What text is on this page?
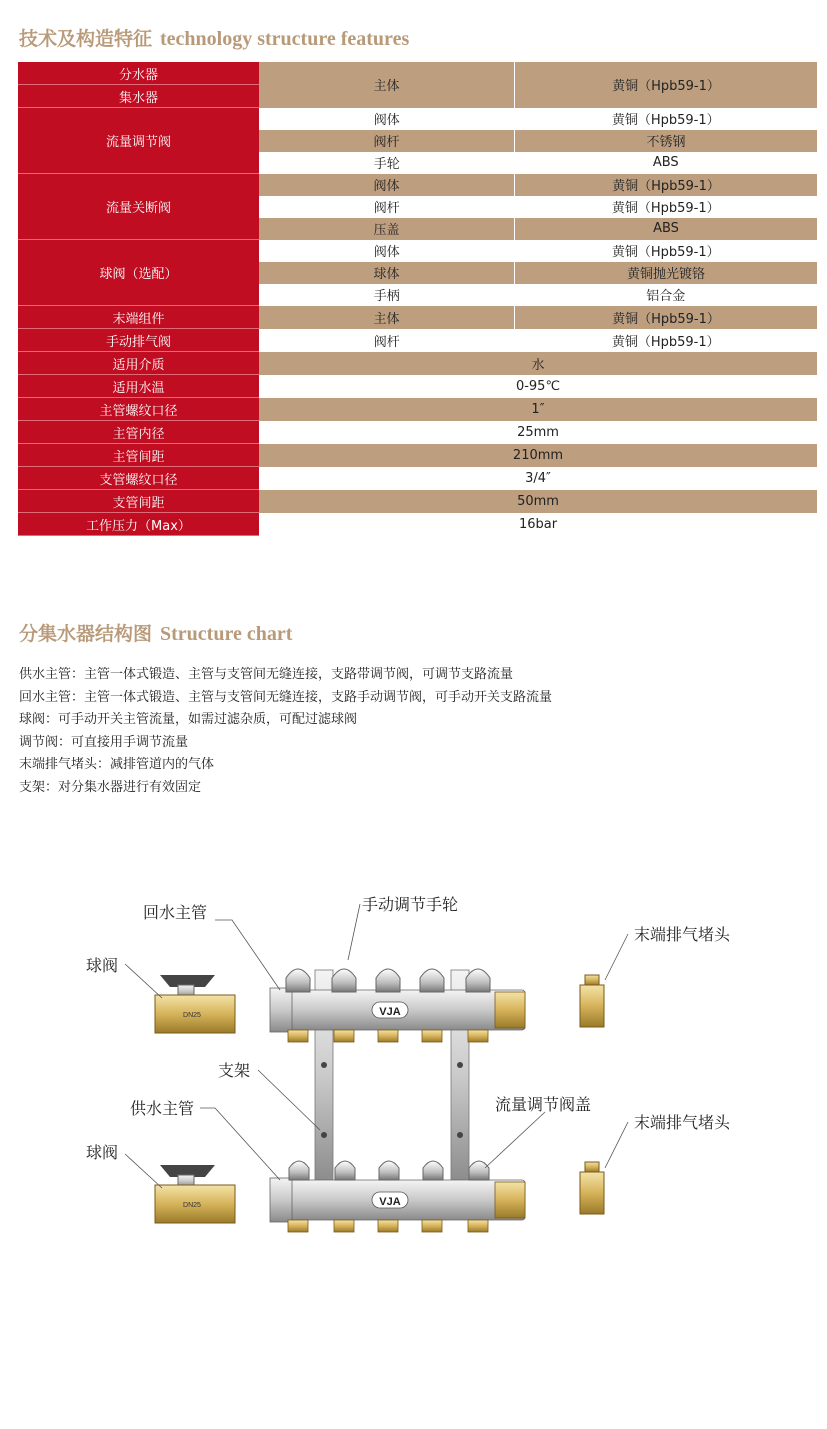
技术及构造特征 technology structure features
分水器	主体	黄铜（Hpb59-1）
集水器		
流量调节阀	阀体	黄铜（Hpb59-1）
	阀杆	不锈钢
	手轮	ABS
流量关断阀	阀体	黄铜（Hpb59-1）
	阀杆	黄铜（Hpb59-1）
	压盖	ABS
球阀（选配）	阀体	黄铜（Hpb59-1）
	球体	黄铜抛光镀铬
	手柄	铝合金
末端组件	主体	黄铜（Hpb59-1）
手动排气阀	阀杆	黄铜（Hpb59-1）
适用介质	水	
适用水温	0-95℃	
主管螺纹口径	1″	
主管内径	25mm	
主管间距	210mm	
支管螺纹口径	3/4″	
支管间距	50mm	
工作压力（Max）	16bar	
分集水器结构图 Structure chart
供水主管：主管一体式锻造、主管与支管间无缝连接，支路带调节阀，可调节支路流量
回水主管：主管一体式锻造、主管与支管间无缝连接，支路手动调节阀，可手动开关支路流量
球阀：可手动开关主管流量，如需过滤杂质，可配过滤球阀
调节阀：可直接用手调节流量
末端排气堵头：减排管道内的气体
支架：对分集水器进行有效固定
VJA
VJA
DN25
DN25
回水主管	手动调节手轮
末端排气堵头
球阀
支架
供水主管	流量调节阀盖
末端排气堵头
球阀
